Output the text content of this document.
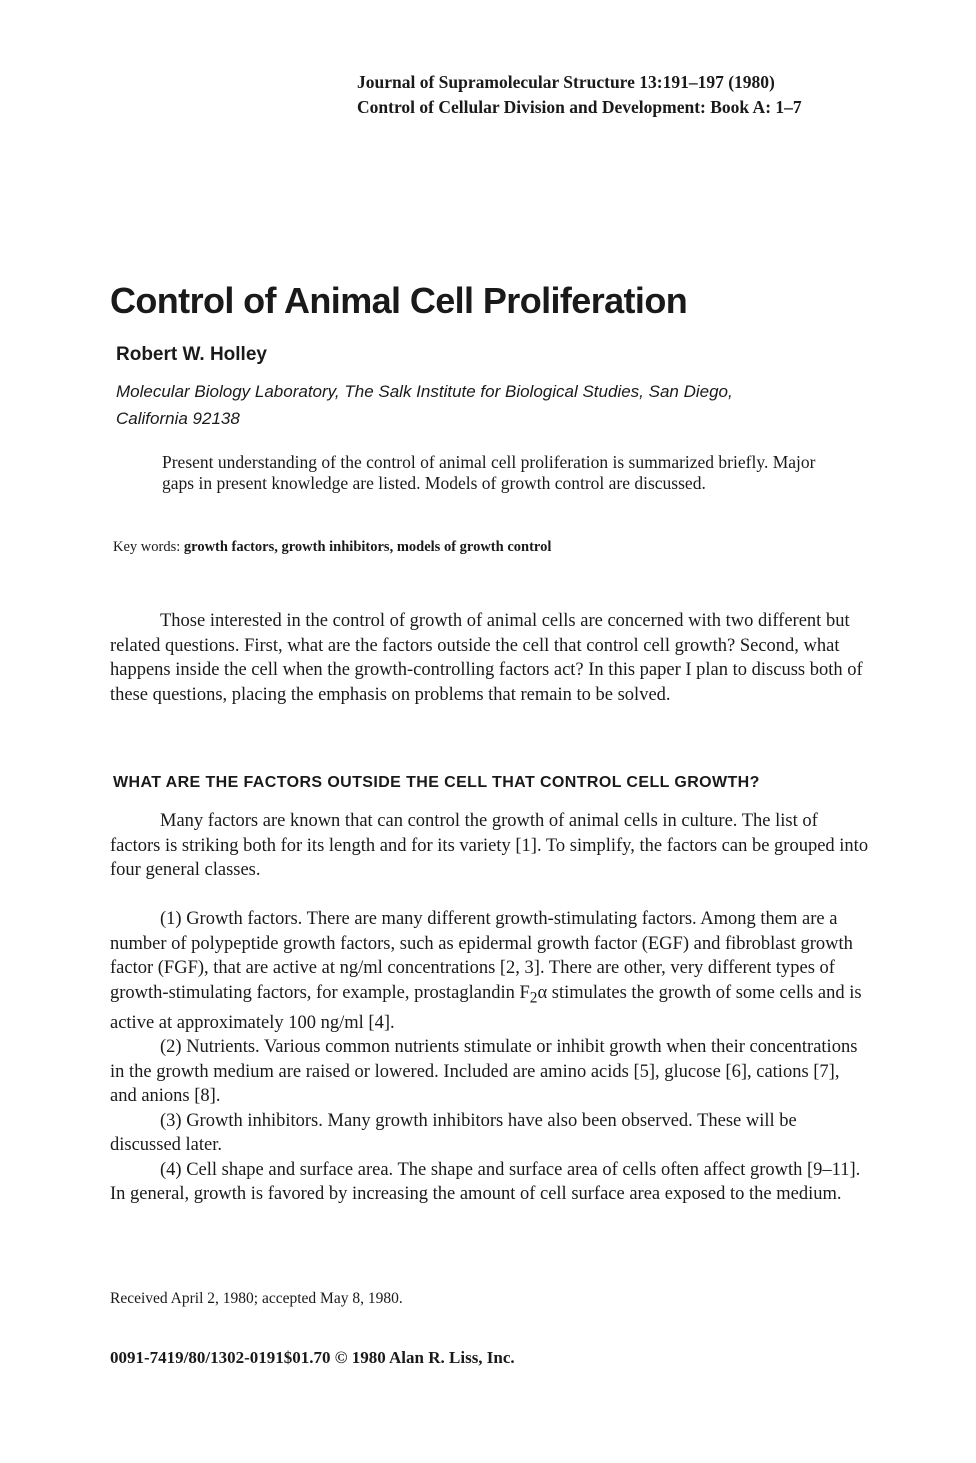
Journal of Supramolecular Structure 13:191–197 (1980)
Control of Cellular Division and Development: Book A: 1–7
Control of Animal Cell Proliferation
Robert W. Holley
Molecular Biology Laboratory, The Salk Institute for Biological Studies, San Diego,
California 92138
Present understanding of the control of animal cell proliferation is summarized briefly. Major gaps in present knowledge are listed. Models of growth control are discussed.
Key words: growth factors, growth inhibitors, models of growth control

Those interested in the control of growth of animal cells are concerned with two different but related questions. First, what are the factors outside the cell that control cell growth? Second, what happens inside the cell when the growth-controlling factors act? In this paper I plan to discuss both of these questions, placing the emphasis on problems that remain to be solved.

WHAT ARE THE FACTORS OUTSIDE THE CELL THAT CONTROL CELL GROWTH?

Many factors are known that can control the growth of animal cells in culture. The list of factors is striking both for its length and for its variety [1]. To simplify, the factors can be grouped into four general classes.

(1) Growth factors. There are many different growth-stimulating factors. Among them are a number of polypeptide growth factors, such as epidermal growth factor (EGF) and fibroblast growth factor (FGF), that are active at ng/ml concentrations [2, 3]. There are other, very different types of growth-stimulating factors, for example, prostaglandin $F_2\alpha$ stimulates the growth of some cells and is active at approximately 100 ng/ml [4].

(2) Nutrients. Various common nutrients stimulate or inhibit growth when their concentrations in the growth medium are raised or lowered. Included are amino acids [5], glucose [6], cations [7], and anions [8].

(3) Growth inhibitors. Many growth inhibitors have also been observed. These will be discussed later.

(4) Cell shape and surface area. The shape and surface area of cells often affect growth [9–11]. In general, growth is favored by increasing the amount of cell surface area exposed to the medium.

Received April 2, 1980; accepted May 8, 1980.
0091-7419/80/1302-0191$01.70 © 1980 Alan R. Liss, Inc.
